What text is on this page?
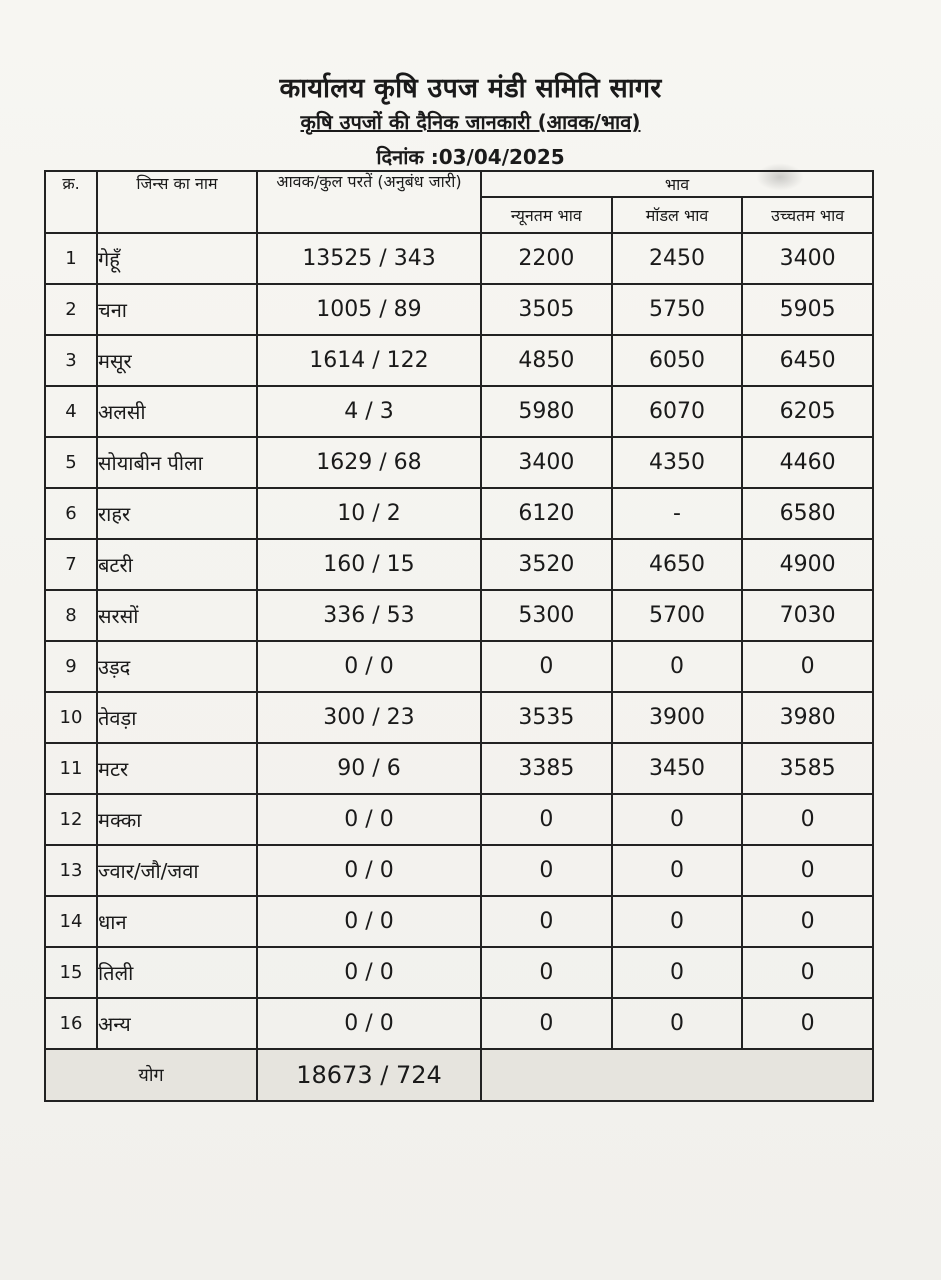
कार्यालय कृषि उपज मंडी समिति सागर
कृषि उपजों की दैनिक जानकारी (आवक/भाव)
दिनांक :03/04/2025
क्र.	जिन्स का नाम	आवक/कुल परतें (अनुबंध जारी)	भाव		
			न्यूनतम भाव	मॉडल भाव	उच्चतम भाव
1	गेहूँ	13525 / 343	2200	2450	3400
2	चना	1005 / 89	3505	5750	5905
3	मसूर	1614 / 122	4850	6050	6450
4	अलसी	4 / 3	5980	6070	6205
5	सोयाबीन पीला	1629 / 68	3400	4350	4460
6	राहर	10 / 2	6120	-	6580
7	बटरी	160 / 15	3520	4650	4900
8	सरसों	336 / 53	5300	5700	7030
9	उड़द	0 / 0	0	0	0
10	तेवड़ा	300 / 23	3535	3900	3980
11	मटर	90 / 6	3385	3450	3585
12	मक्का	0 / 0	0	0	0
13	ज्वार/जौ/जवा	0 / 0	0	0	0
14	धान	0 / 0	0	0	0
15	तिली	0 / 0	0	0	0
16	अन्य	0 / 0	0	0	0
योग		18673 / 724			
